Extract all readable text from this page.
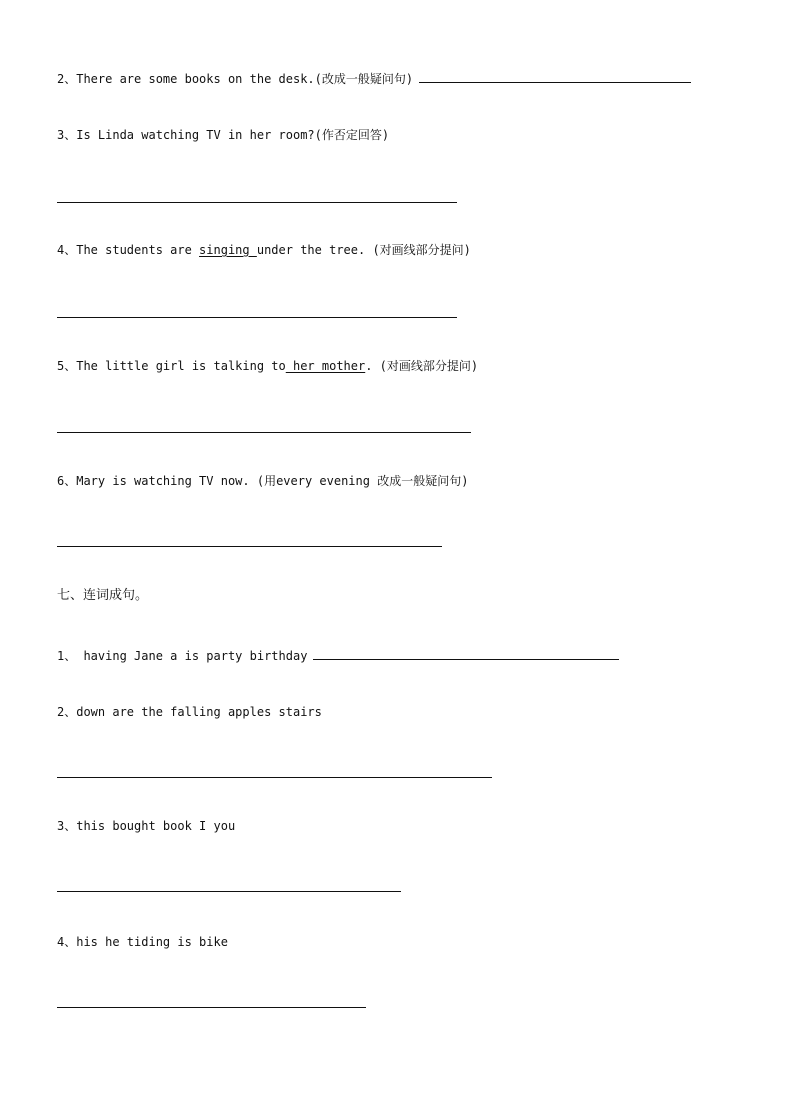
2、There are some books on the desk.(改成一般疑问句)
3、Is Linda watching TV in her room?(作否定回答)
4、The students are singing under the tree. (对画线部分提问)
5、The little girl is talking to her mother. (对画线部分提问)
6、Mary is watching TV now. (用every evening 改成一般疑问句)
七、连词成句。
1、 having Jane a is party birthday
2、down are the falling apples stairs
3、this bought book I you
4、his he tiding is bike
